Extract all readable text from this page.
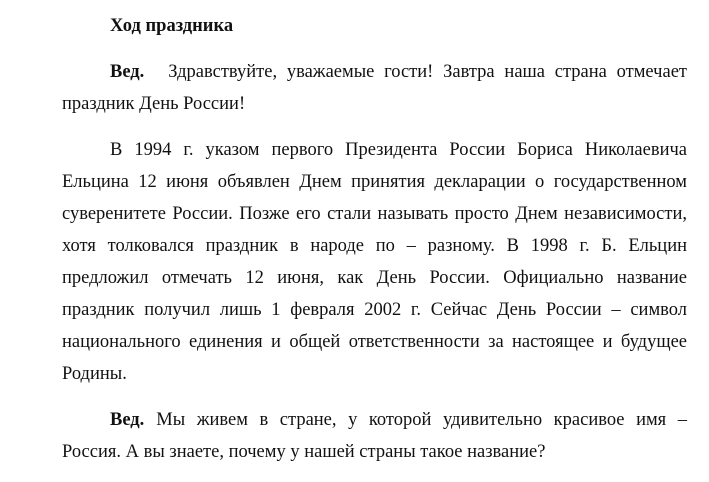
Ход праздника

Вед. Здравствуйте, уважаемые гости! Завтра наша страна отмечает праздник День России!

В 1994 г. указом первого Президента России Бориса Николаевича Ельцина 12 июня объявлен Днем принятия декларации о государственном суверенитете России. Позже его стали называть просто Днем независимости, хотя толковался праздник в народе по – разному. В 1998 г. Б. Ельцин предложил отмечать 12 июня, как День России. Официально название праздник получил лишь 1 февраля 2002 г. Сейчас День России – символ национального единения и общей ответственности за настоящее и будущее Родины.

Вед. Мы живем в стране, у которой удивительно красивое имя – Россия. А вы знаете, почему у нашей страны такое название?
